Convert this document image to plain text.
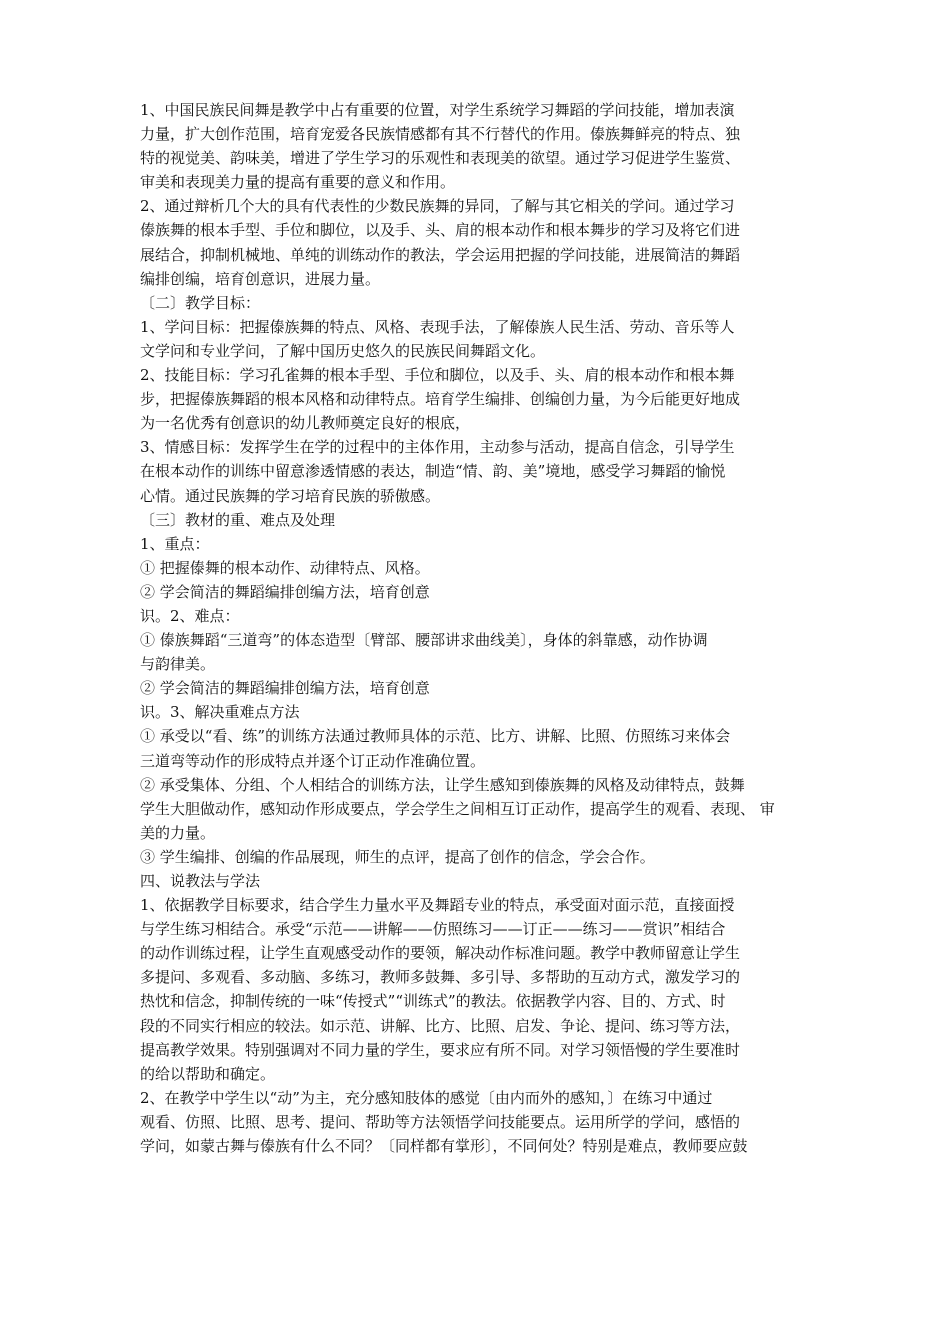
1、中国民族民间舞是教学中占有重要的位置，对学生系统学习舞蹈的学问技能，增加表演
力量，扩大创作范围，培育宠爱各民族情感都有其不行替代的作用。傣族舞鲜亮的特点、独
特的视觉美、韵味美，增进了学生学习的乐观性和表现美的欲望。通过学习促进学生鉴赏、
审美和表现美力量的提高有重要的意义和作用。
2、通过辩析几个大的具有代表性的少数民族舞的异同，了解与其它相关的学问。通过学习
傣族舞的根本手型、手位和脚位，以及手、头、肩的根本动作和根本舞步的学习及将它们进
展结合，抑制机械地、单纯的训练动作的教法，学会运用把握的学问技能，进展简洁的舞蹈
编排创编，培育创意识，进展力量。
〔二〕教学目标：
1、学问目标：把握傣族舞的特点、风格、表现手法，了解傣族人民生活、劳动、音乐等人
文学问和专业学问，了解中国历史悠久的民族民间舞蹈文化。
2、技能目标：学习孔雀舞的根本手型、手位和脚位，以及手、头、肩的根本动作和根本舞
步，把握傣族舞蹈的根本风格和动律特点。培育学生编排、创编创力量，为今后能更好地成
为一名优秀有创意识的幼儿教师奠定良好的根底，
3、情感目标：发挥学生在学的过程中的主体作用，主动参与活动，提高自信念，引导学生
在根本动作的训练中留意渗透情感的表达，制造“情、韵、美”境地，感受学习舞蹈的愉悦
心情。通过民族舞的学习培育民族的骄傲感。
〔三〕教材的重、难点及处理
1、重点：
① 把握傣舞的根本动作、动律特点、风格。
② 学会简洁的舞蹈编排创编方法，培育创意
识。2、难点：
① 傣族舞蹈“三道弯”的体态造型〔臂部、腰部讲求曲线美〕，身体的斜靠感，动作协调
与韵律美。
② 学会简洁的舞蹈编排创编方法，培育创意
识。3、解决重难点方法
① 承受以“看、练”的训练方法通过教师具体的示范、比方、讲解、比照、仿照练习来体会
三道弯等动作的形成特点并逐个订正动作准确位置。
② 承受集体、分组、个人相结合的训练方法，让学生感知到傣族舞的风格及动律特点，鼓舞
学生大胆做动作，感知动作形成要点，学会学生之间相互订正动作，提高学生的观看、表现、 审
美的力量。
③ 学生编排、创编的作品展现，师生的点评，提高了创作的信念，学会合作。
四、说教法与学法
1、依据教学目标要求，结合学生力量水平及舞蹈专业的特点，承受面对面示范，直接面授
与学生练习相结合。承受“示范——讲解——仿照练习——订正——练习——赏识”相结合
的动作训练过程，让学生直观感受动作的要领，解决动作标准问题。教学中教师留意让学生
多提问、多观看、多动脑、多练习，教师多鼓舞、多引导、多帮助的互动方式，激发学习的
热忱和信念，抑制传统的一味“传授式”“训练式”的教法。依据教学内容、目的、方式、时
段的不同实行相应的较法。如示范、讲解、比方、比照、启发、争论、提问、练习等方法，
提高教学效果。特别强调对不同力量的学生，要求应有所不同。对学习领悟慢的学生要准时
的给以帮助和确定。
2、在教学中学生以“动”为主，充分感知肢体的感觉〔由内而外的感知，〕在练习中通过
观看、仿照、比照、思考、提问、帮助等方法领悟学问技能要点。运用所学的学问，感悟的
学问，如蒙古舞与傣族有什么不同？〔同样都有掌形〕，不同何处？特别是难点，教师要应鼓
